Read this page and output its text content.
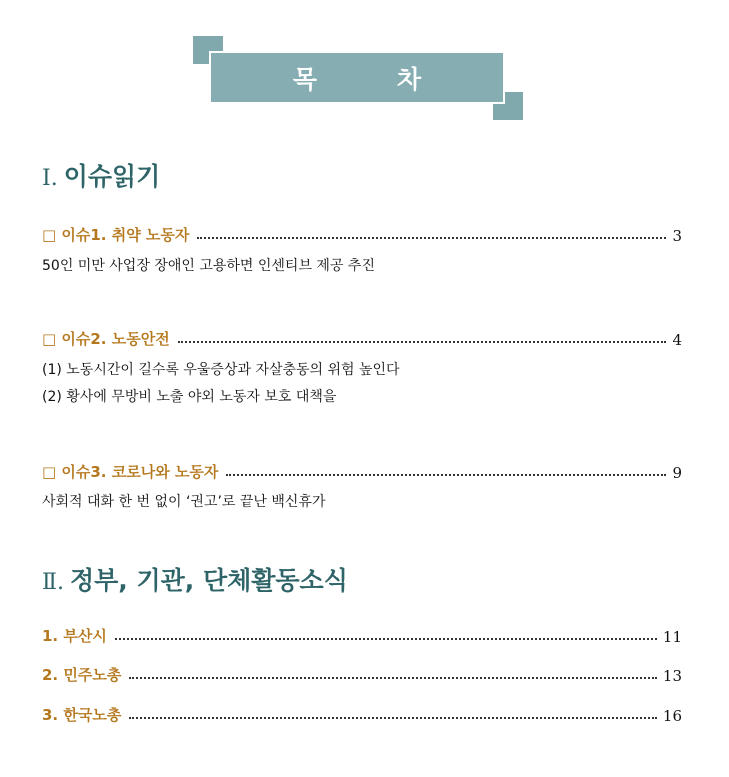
목차
Ⅰ. 이슈읽기
□ 이슈1. 취약 노동자	3
50인 미만 사업장 장애인 고용하면 인센티브 제공 추진
□ 이슈2. 노동안전	4
(1) 노동시간이 길수록 우울증상과 자살충동의 위험 높인다
(2) 황사에 무방비 노출 야외 노동자 보호 대책을
□ 이슈3. 코로나와 노동자	9
사회적 대화 한 번 없이 ‘권고’로 끝난 백신휴가
Ⅱ. 정부, 기관, 단체활동소식
1. 부산시	11
2. 민주노총	13
3. 한국노총	16
